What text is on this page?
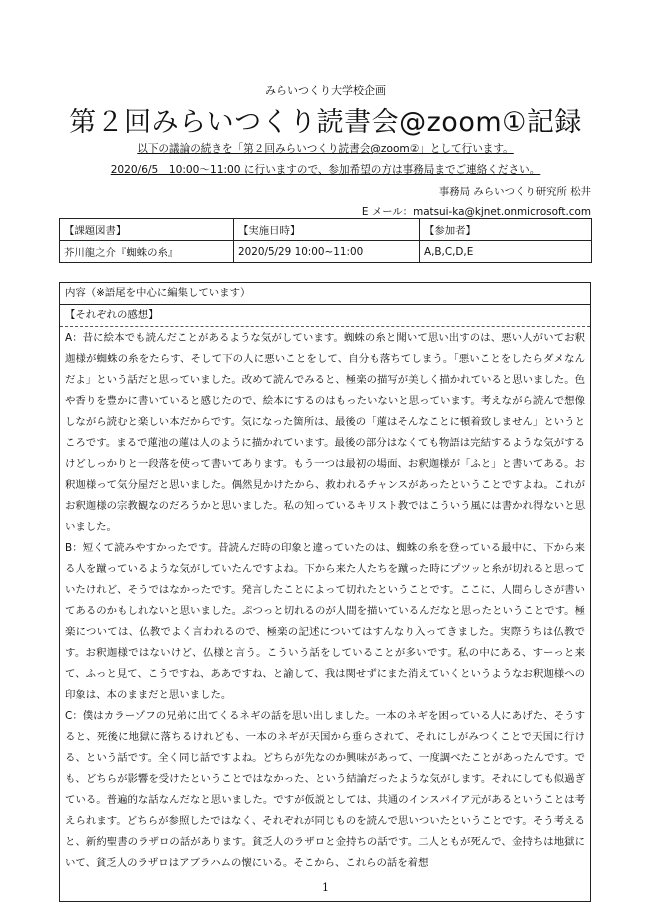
みらいつくり大学校企画
第２回みらいつくり読書会@zoom①記録
以下の議論の続きを「第２回みらいつくり読書会@zoom②」として行います。
2020/6/5　10:00～11:00 に行いますので、参加希望の方は事務局までご連絡ください。
事務局 みらいつくり研究所 松井
E メール：matsui-ka@kjnet.onmicrosoft.com
【課題図書】	【実施日時】	【参加者】
芥川龍之介『蜘蛛の糸』	2020/5/29 10:00~11:00	A,B,C,D,E
内容（※語尾を中心に編集しています）
【それぞれの感想】

A：昔に絵本でも読んだことがあるような気がしています。蜘蛛の糸と聞いて思い出すのは、悪い人がいてお釈迦様が蜘蛛の糸をたらす、そして下の人に悪いことをして、自分も落ちてしまう。「悪いことをしたらダメなんだよ」という話だと思っていました。改めて読んでみると、極楽の描写が美しく描かれていると思いました。色や香りを豊かに書いていると感じたので、絵本にするのはもったいないと思っています。考えながら読んで想像しながら読むと楽しい本だからです。気になった箇所は、最後の「蓮はそんなことに頓着致しません」というところです。まるで蓮池の蓮は人のように描かれています。最後の部分はなくても物語は完結するような気がするけどしっかりと一段落を使って書いてあります。もう一つは最初の場面、お釈迦様が「ふと」と書いてある。お釈迦様って気分屋だと思いました。偶然見かけたから、救われるチャンスがあったということですよね。これがお釈迦様の宗教観なのだろうかと思いました。私の知っているキリスト教ではこういう風には書かれ得ないと思いました。

B：短くて読みやすかったです。昔読んだ時の印象と違っていたのは、蜘蛛の糸を登っている最中に、下から来る人を蹴っているような気がしていたんですよね。下から来た人たちを蹴った時にプツッと糸が切れると思っていたけれど、そうではなかったです。発言したことによって切れたということです。ここに、人間らしさが書いてあるのかもしれないと思いました。ぷつっと切れるのが人間を描いているんだなと思ったということです。極楽については、仏教でよく言われるので、極楽の記述についてはすんなり入ってきました。実際うちは仏教です。お釈迦様ではないけど、仏様と言う。こういう話をしていることが多いです。私の中にある、すーっと来て、ふっと見て、こうですね、ああですね、と諭して、我は関せずにまた消えていくというようなお釈迦様への印象は、本のままだと思いました。

C：僕はカラーゾフの兄弟に出てくるネギの話を思い出しました。一本のネギを困っている人にあげた、そうすると、死後に地獄に落ちるけれども、一本のネギが天国から垂らされて、それにしがみつくことで天国に行ける、という話です。全く同じ話ですよね。どちらが先なのか興味があって、一度調べたことがあったんです。でも、どちらが影響を受けたということではなかった、という結論だったような気がします。それにしても似過ぎている。普遍的な話なんだなと思いました。ですが仮説としては、共通のインスパイア元があるということは考えられます。どちらが参照したではなく、それぞれが同じものを読んで思いついたということです。そう考えると、新約聖書のラザロの話があります。貧乏人のラザロと金持ちの話です。二人ともが死んで、金持ちは地獄にいて、貧乏人のラザロはアブラハムの懐にいる。そこから、これらの話を着想

1
